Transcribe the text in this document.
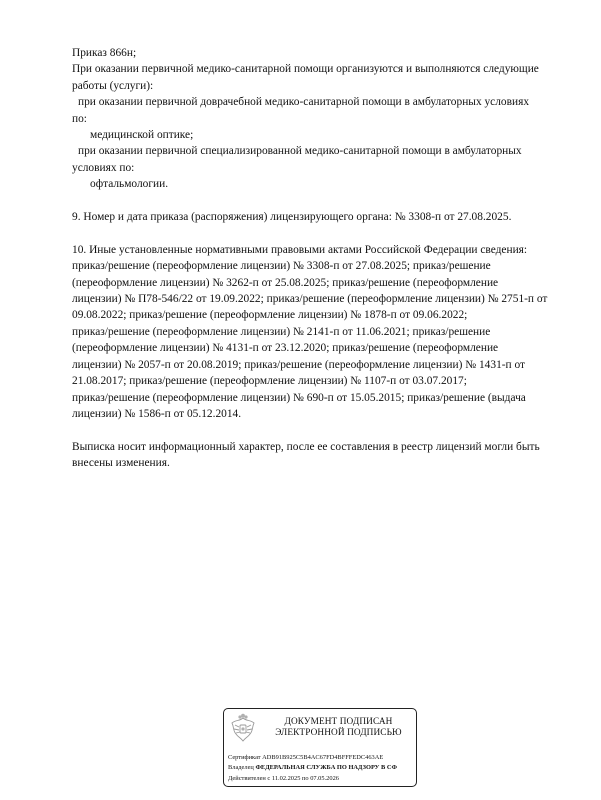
Приказ 866н;

При оказании первичной медико-санитарной помощи организуются и выполняются следующие

работы (услуги):

при оказании первичной доврачебной медико-санитарной помощи в амбулаторных условиях

по:

медицинской оптике;

при оказании первичной специализированной медико-санитарной помощи в амбулаторных

условиях по:

офтальмологии.

9. Номер и дата приказа (распоряжения) лицензирующего органа: № 3308-п от 27.08.2025.

10. Иные установленные нормативными правовыми актами Российской Федерации сведения:

приказ/решение (переоформление лицензии) № 3308-п от 27.08.2025; приказ/решение

(переоформление лицензии) № 3262-п от 25.08.2025; приказ/решение (переоформление

лицензии) № П78-546/22 от 19.09.2022; приказ/решение (переоформление лицензии) № 2751-п от

09.08.2022; приказ/решение (переоформление лицензии) № 1878-п от 09.06.2022;

приказ/решение (переоформление лицензии) № 2141-п от 11.06.2021; приказ/решение

(переоформление лицензии) № 4131-п от 23.12.2020; приказ/решение (переоформление

лицензии) № 2057-п от 20.08.2019; приказ/решение (переоформление лицензии) № 1431-п от

21.08.2017; приказ/решение (переоформление лицензии) № 1107-п от 03.07.2017;

приказ/решение (переоформление лицензии) № 690-п от 15.05.2015; приказ/решение (выдача

лицензии) № 1586-п от 05.12.2014.

Выписка носит информационный характер, после ее составления в реестр лицензий могли быть

внесены изменения.

ДОКУМЕНТ ПОДПИСАН
ЭЛЕКТРОННОЙ ПОДПИСЬЮ
Сертификат ADB91B925C5B4AC67FD4BFFFEDC463AE
Владелец ФЕДЕРАЛЬНАЯ СЛУЖБА ПО НАДЗОРУ В СФ
Действителен с 11.02.2025 по 07.05.2026
